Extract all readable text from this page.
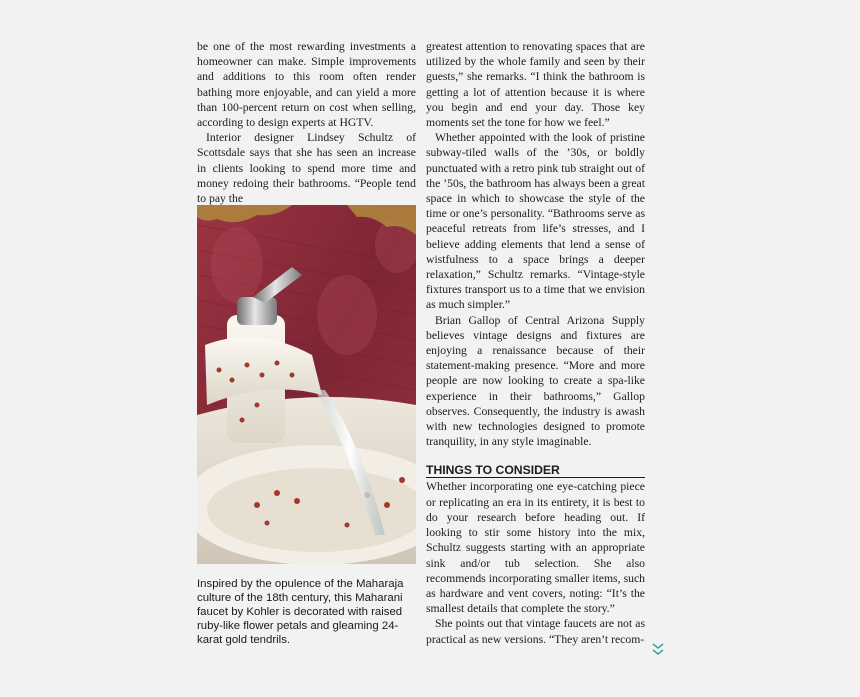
be one of the most rewarding investments a homeowner can make. Simple improvements and additions to this room often render bathing more enjoyable, and can yield a more than 100-percent return on cost when selling, according to design experts at HGTV.

Interior designer Lindsey Schultz of Scottsdale says that she has seen an increase in clients looking to spend more time and money redoing their bathrooms. “People tend to pay the

Inspired by the opulence of the Maharaja culture of the 18th century, this Maharani faucet by Kohler is decorated with raised ruby-like flower petals and gleaming 24-karat gold tendrils.

greatest attention to renovating spaces that are utilized by the whole family and seen by their guests,” she remarks. “I think the bathroom is getting a lot of attention because it is where you begin and end your day. Those key moments set the tone for how we feel.”

Whether appointed with the look of pristine subway-tiled walls of the ’30s, or boldly punctuated with a retro pink tub straight out of the ’50s, the bathroom has always been a great space in which to showcase the style of the time or one’s personality. “Bathrooms serve as peaceful retreats from life’s stresses, and I believe adding elements that lend a sense of wistfulness to a space brings a deeper relaxation,” Schultz remarks. “Vintage-style fixtures transport us to a time that we envision as much simpler.”

Brian Gallop of Central Arizona Supply believes vintage designs and fixtures are enjoying a renaissance because of their statement-making presence. “More and more people are now looking to create a spa-like experience in their bathrooms,” Gallop observes. Consequently, the industry is awash with new technologies designed to promote tranquility, in any style imaginable.

THINGS TO CONSIDER

Whether incorporating one eye-catching piece or replicating an era in its entirety, it is best to do your research before heading out. If looking to stir some history into the mix, Schultz suggests starting with an appropriate sink and/or tub selection. She also recommends incorporating smaller items, such as hardware and vent covers, noting: “It’s the smallest details that complete the story.”

She points out that vintage faucets are not as practical as new versions. “They aren’t recom-
